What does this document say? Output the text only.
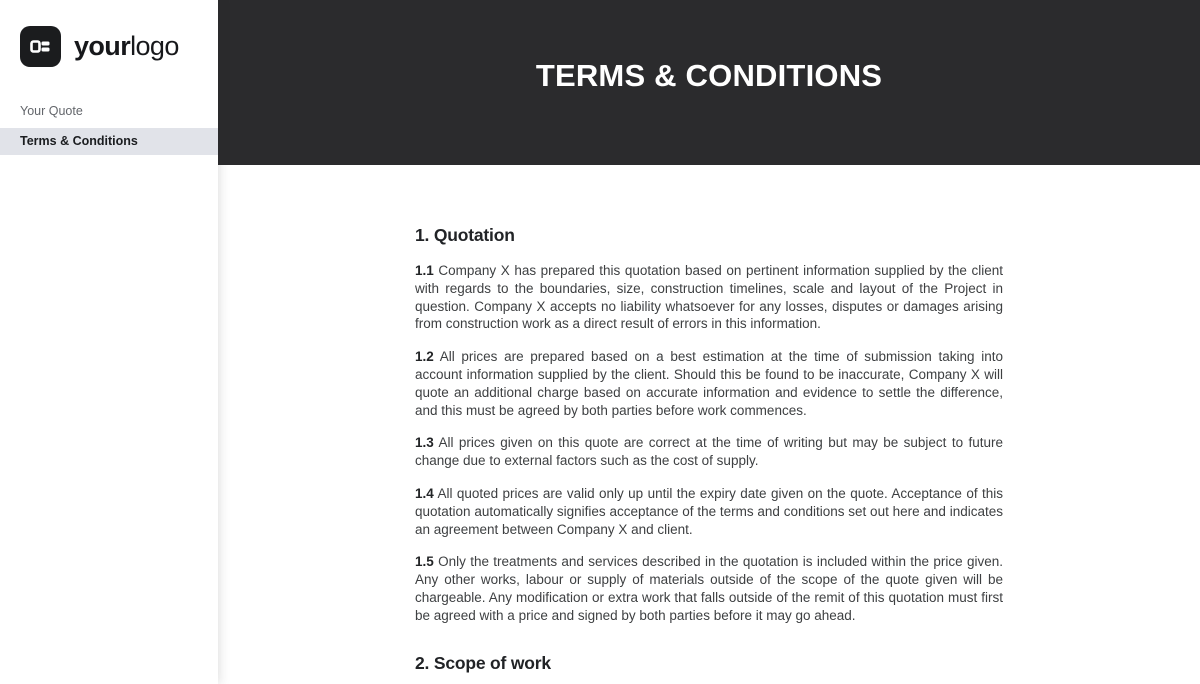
yourlogo
Your Quote
Terms & Conditions
TERMS & CONDITIONS
1. Quotation

1.1 Company X has prepared this quotation based on pertinent information supplied by the client with regards to the boundaries, size, construction timelines, scale and layout of the Project in question. Company X accepts no liability whatsoever for any losses, disputes or damages arising from construction work as a direct result of errors in this information.

1.2 All prices are prepared based on a best estimation at the time of submission taking into account information supplied by the client. Should this be found to be inaccurate, Company X will quote an additional charge based on accurate information and evidence to settle the difference, and this must be agreed by both parties before work commences.

1.3 All prices given on this quote are correct at the time of writing but may be subject to future change due to external factors such as the cost of supply.

1.4 All quoted prices are valid only up until the expiry date given on the quote. Acceptance of this quotation automatically signifies acceptance of the terms and conditions set out here and indicates an agreement between Company X and client.

1.5 Only the treatments and services described in the quotation is included within the price given. Any other works, labour or supply of materials outside of the scope of the quote given will be chargeable. Any modification or extra work that falls outside of the remit of this quotation must first be agreed with a price and signed by both parties before it may go ahead.

2. Scope of work
